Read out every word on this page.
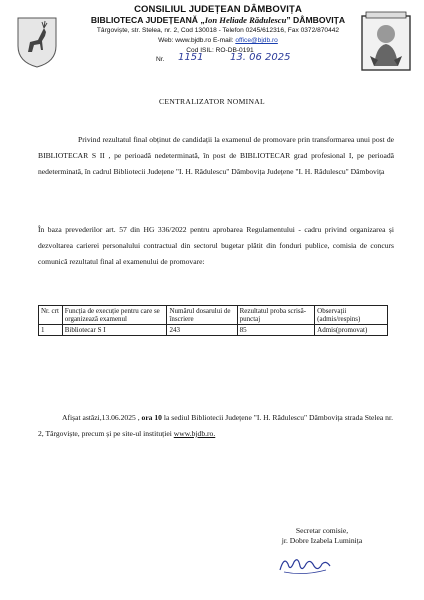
CONSILIUL JUDEȚEAN DÂMBOVIȚA
BIBLIOTECA JUDEȚEANĂ „Ion Heliade Rădulescu” DÂMBOVIȚA
Târgoviște, str. Stelea, nr. 2, Cod 130018 - Telefon 0245/612316, Fax 0372/870442
Web: www.bjdb.ro E-mail: office@bjdb.ro
Cod ISIL: RO-DB-0191
Nr. 1151	13. 06 2025
CENTRALIZATOR NOMINAL
Privind rezultatul final obținut de candidații la examenul de promovare prin transformarea unui post de BIBLIOTECAR S II , pe perioadă nedeterminată, în post de BIBLIOTECAR grad profesional I, pe perioadă nedeterminată, în cadrul Bibliotecii Județene "I. H. Rădulescu" Dâmbovița Județene "I. H. Rădulescu" Dâmbovița
În baza prevederilor art. 57 din HG 336/2022 pentru aprobarea Regulamentului - cadru privind organizarea și dezvoltarea carierei personalului contractual din sectorul bugetar plătit din fonduri publice, comisia de concurs comunică rezultatul final al examenului de promovare:
Nr. crt	Funcția de execuție pentru care se organizează examenul	Numărul dosarului de înscriere	Rezultatul proba scrisă-punctaj	Observații (admis/respins)
1	Bibliotecar S I	243	85	Admis(promovat)
Afișat astăzi,13.06.2025 , ora 10 la sediul Bibliotecii Județene "I. H. Rădulescu" Dâmbovița strada Stelea nr. 2, Târgoviște, precum și pe site-ul instituției www.bjdb.ro.
Secretar comisie,
jr. Dobre Izabela Luminița
